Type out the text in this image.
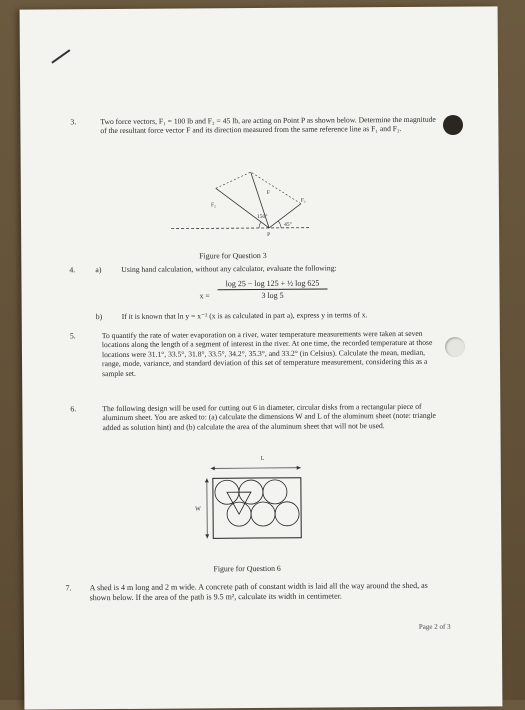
3.	Two force vectors, F₁ = 100 lb and F₂ = 45 lb, are acting on Point P as shown below. Determine the magnitude of the resultant force vector F and its direction measured from the same reference line as F₁ and F₂.
F₂
F₁
F
150°
45°
P
Figure for Question 3
4.	a)	Using hand calculation, without any calculator, evaluate the following:
x =
log 25 − log 125 + ½ log 625
3 log 5
b)	If it is known that ln y = x⁻² (x is as calculated in part a), express y in terms of x.
5.	To quantify the rate of water evaporation on a river, water temperature measurements were taken at seven locations along the length of a segment of interest in the river. At one time, the recorded temperature at those locations were 31.1°, 33.5°, 31.8°, 33.5°, 34.2°, 35.3°, and 33.2° (in Celsius). Calculate the mean, median, range, mode, variance, and standard deviation of this set of temperature measurement, considering this as a sample set.
6.	The following design will be used for cutting out 6 in diameter, circular disks from a rectangular piece of aluminum sheet. You are asked to: (a) calculate the dimensions W and L of the aluminum sheet (note: triangle added as solution hint) and (b) calculate the area of the aluminum sheet that will not be used.
L
W
Figure for Question 6
7. A shed is 4 m long and 2 m wide. A concrete path of constant width is laid all the way around the shed, as shown below. If the area of the path is 9.5 m², calculate its width in centimeter.
Page 2 of 3
